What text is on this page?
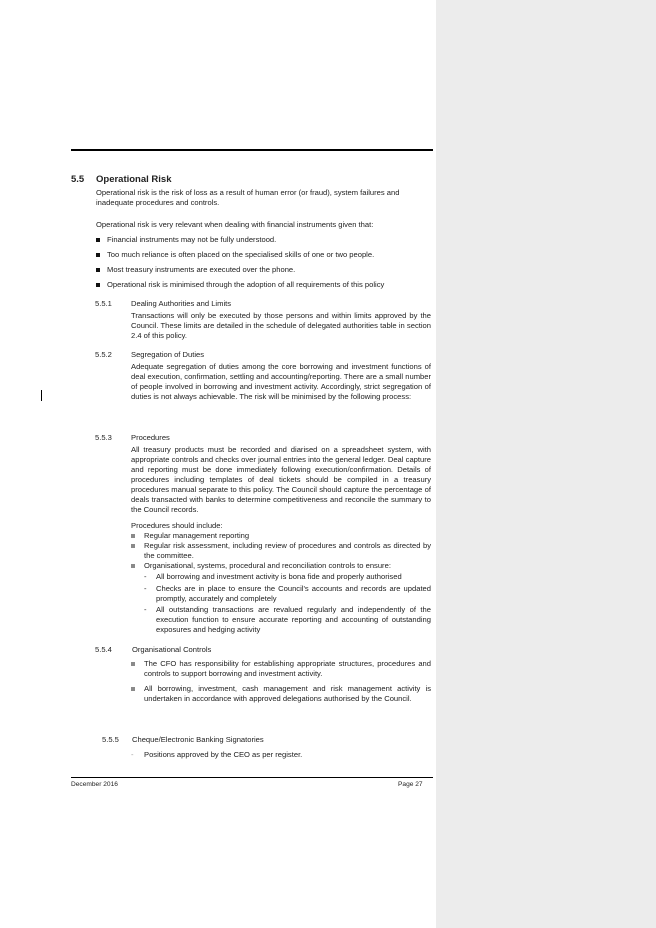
5.5 Operational Risk
Operational risk is the risk of loss as a result of human error (or fraud), system failures and inadequate procedures and controls.
Operational risk is very relevant when dealing with financial instruments given that:
Financial instruments may not be fully understood.
Too much reliance is often placed on the specialised skills of one or two people.
Most treasury instruments are executed over the phone.
Operational risk is minimised through the adoption of all requirements of this policy
5.5.1	Dealing Authorities and Limits
Transactions will only be executed by those persons and within limits approved by the Council. These limits are detailed in the schedule of delegated authorities table in section 2.4 of this policy.
5.5.2	Segregation of Duties
Adequate segregation of duties among the core borrowing and investment functions of deal execution, confirmation, settling and accounting/reporting. There are a small number of people involved in borrowing and investment activity. Accordingly, strict segregation of duties is not always achievable. The risk will be minimised by the following process:
5.5.3	Procedures
All treasury products must be recorded and diarised on a spreadsheet system, with appropriate controls and checks over journal entries into the general ledger. Deal capture and reporting must be done immediately following execution/confirmation. Details of procedures including templates of deal tickets should be compiled in a treasury procedures manual separate to this policy. The Council should capture the percentage of deals transacted with banks to determine competitiveness and reconcile the summary to the Council records.
Procedures should include:
Regular management reporting
Regular risk assessment, including review of procedures and controls as directed by the committee.
Organisational, systems, procedural and reconciliation controls to ensure:
- All borrowing and investment activity is bona fide and properly authorised
- Checks are in place to ensure the Council's accounts and records are updated promptly, accurately and completely
- All outstanding transactions are revalued regularly and independently of the execution function to ensure accurate reporting and accounting of outstanding exposures and hedging activity
5.5.4	Organisational Controls
The CFO has responsibility for establishing appropriate structures, procedures and controls to support borrowing and investment activity.
All borrowing, investment, cash management and risk management activity is undertaken in accordance with approved delegations authorised by the Council.
5.5.5 Cheque/Electronic Banking Signatories
- Positions approved by the CEO as per register.
December 2016	Page 27
